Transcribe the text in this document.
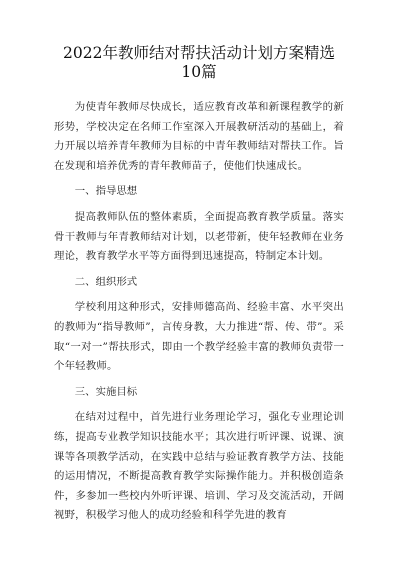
2022年教师结对帮扶活动计划方案精选10篇

为使青年教师尽快成长，适应教育改革和新课程教学的新形势，学校决定在名师工作室深入开展教研活动的基础上，着力开展以培养青年教师为目标的中青年教师结对帮扶工作。旨在发现和培养优秀的青年教师苗子，使他们快速成长。

一、指导思想

提高教师队伍的整体素质，全面提高教育教学质量。落实骨干教师与年青教师结对计划，以老带新，使年轻教师在业务理论，教育教学水平等方面得到迅速提高，特制定本计划。

二、组织形式

学校利用这种形式，安排师德高尚、经验丰富、水平突出的教师为“指导教师”，言传身教，大力推进“帮、传、带”。采取“一对一”帮扶形式，即由一个教学经验丰富的教师负责带一个年轻教师。

三、实施目标

在结对过程中，首先进行业务理论学习，强化专业理论训练，提高专业教学知识技能水平；其次进行听评课、说课、演课等各项教学活动，在实践中总结与验证教育教学方法、技能的运用情况，不断提高教育教学实际操作能力。并积极创造条件，多参加一些校内外听评课、培训、学习及交流活动，开阔视野，积极学习他人的成功经验和科学先进的教育
